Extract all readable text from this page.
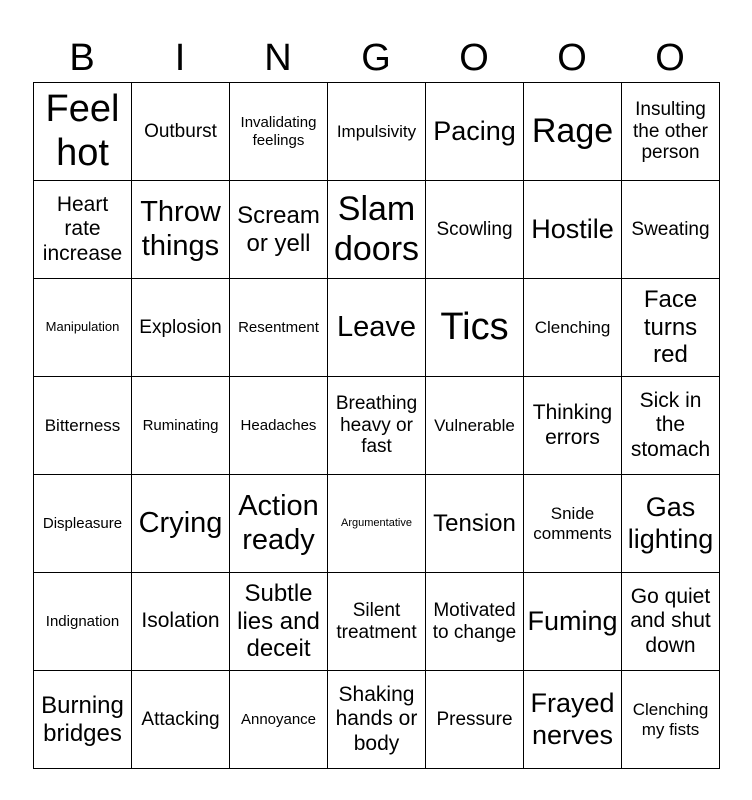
B	I	N	G	O	O	O
Feel hot	Outburst	Invalidating feelings	Impulsivity	Pacing	Rage	Insulting the other person
Heart rate increase	Throw things	Scream or yell	Slam doors	Scowling	Hostile	Sweating
Manipulation	Explosion	Resentment	Leave	Tics	Clenching	Face turns red
Bitterness	Ruminating	Headaches	Breathing heavy or fast	Vulnerable	Thinking errors	Sick in the stomach
Displeasure	Crying	Action ready	Argumentative	Tension	Snide comments	Gas lighting
Indignation	Isolation	Subtle lies and deceit	Silent treatment	Motivated to change	Fuming	Go quiet and shut down
Burning bridges	Attacking	Annoyance	Shaking hands or body	Pressure	Frayed nerves	Clenching my fists
